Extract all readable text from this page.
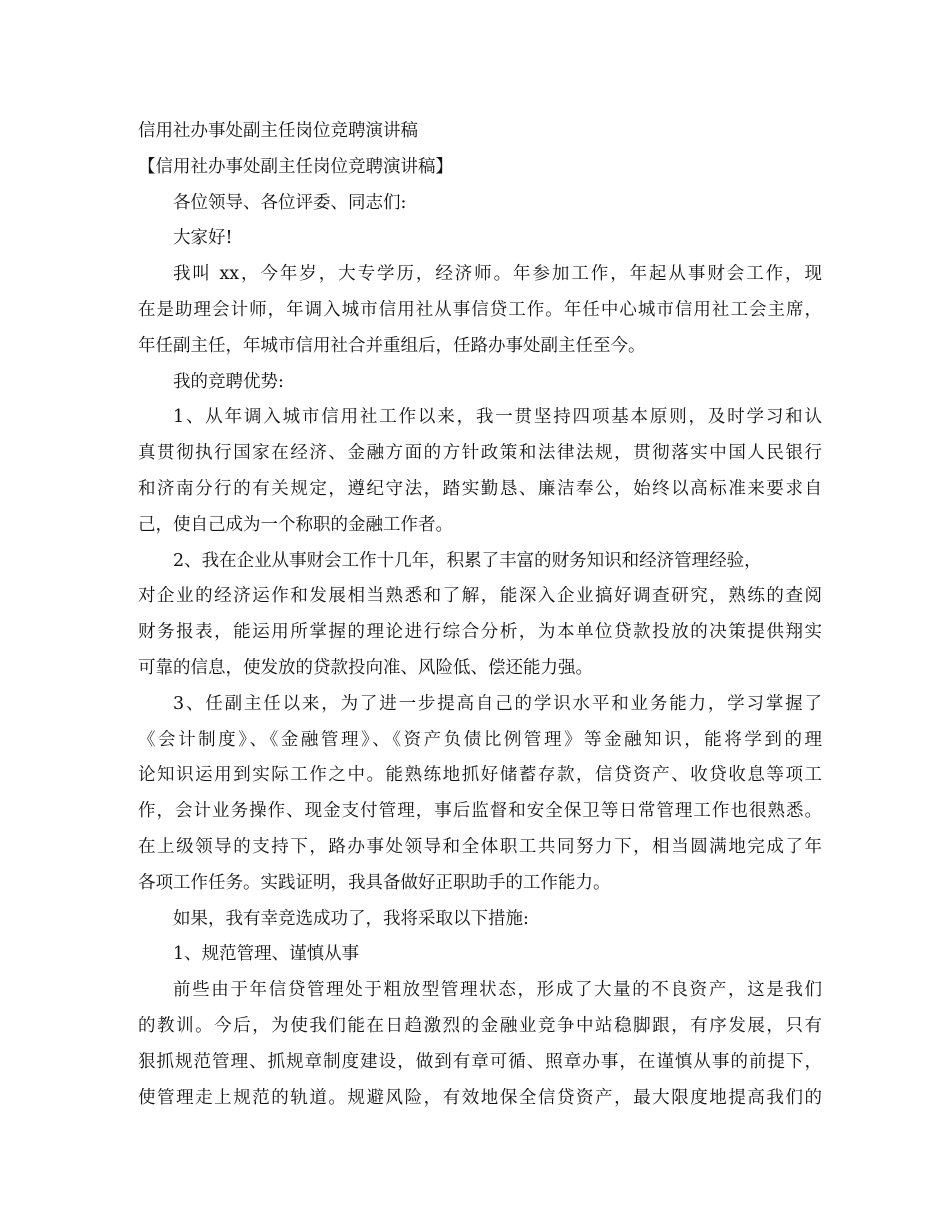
信用社办事处副主任岗位竞聘演讲稿
【信用社办事处副主任岗位竞聘演讲稿】
各位领导、各位评委、同志们:
大家好!
我叫 xx，今年岁，大专学历，经济师。年参加工作，年起从事财会工作，现
在是助理会计师，年调入城市信用社从事信贷工作。年任中心城市信用社工会主席，
年任副主任，年城市信用社合并重组后，任路办事处副主任至今。
我的竞聘优势:
1、从年调入城市信用社工作以来，我一贯坚持四项基本原则，及时学习和认
真贯彻执行国家在经济、金融方面的方针政策和法律法规，贯彻落实中国人民银行
和济南分行的有关规定，遵纪守法，踏实勤恳、廉洁奉公，始终以高标准来要求自
己，使自己成为一个称职的金融工作者。
2、我在企业从事财会工作十几年，积累了丰富的财务知识和经济管理经验，
对企业的经济运作和发展相当熟悉和了解，能深入企业搞好调查研究，熟练的查阅
财务报表，能运用所掌握的理论进行综合分析，为本单位贷款投放的决策提供翔实
可靠的信息，使发放的贷款投向准、风险低、偿还能力强。
3、任副主任以来，为了进一步提高自己的学识水平和业务能力，学习掌握了
《会计制度》、《金融管理》、《资产负债比例管理》等金融知识，能将学到的理
论知识运用到实际工作之中。能熟练地抓好储蓄存款，信贷资产、收贷收息等项工
作，会计业务操作、现金支付管理，事后监督和安全保卫等日常管理工作也很熟悉。
在上级领导的支持下，路办事处领导和全体职工共同努力下，相当圆满地完成了年
各项工作任务。实践证明，我具备做好正职助手的工作能力。
如果，我有幸竞选成功了，我将采取以下措施:
1、规范管理、谨慎从事
前些由于年信贷管理处于粗放型管理状态，形成了大量的不良资产，这是我们
的教训。今后，为使我们能在日趋激烈的金融业竞争中站稳脚跟，有序发展，只有
狠抓规范管理、抓规章制度建设，做到有章可循、照章办事，在谨慎从事的前提下，
使管理走上规范的轨道。规避风险，有效地保全信贷资产，最大限度地提高我们的
